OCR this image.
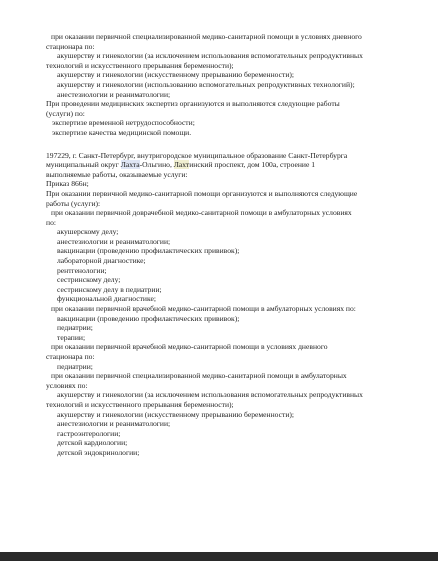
при оказании первичной специализированной медико-санитарной помощи в условиях дневного
стационара по:
акушерству и гинекологии (за исключением использования вспомогательных репродуктивных
технологий и искусственного прерывания беременности);
акушерству и гинекологии (искусственному прерыванию беременности);
акушерству и гинекологии (использованию вспомогательных репродуктивных технологий);
анестезиологии и реаниматологии;
При проведении медицинских экспертиз организуются и выполняются следующие работы
(услуги) по:
экспертизе временной нетрудоспособности;
экспертизе качества медицинской помощи.
197229, г. Санкт-Петербург, внутригородское муниципальное образование Санкт-Петербурга
муниципальный округ Лахта-Ольгино, Лахтинский проспект, дом 100а, строение 1
выполняемые работы, оказываемые услуги:
Приказ 866н;
При оказании первичной медико-санитарной помощи организуются и выполняются следующие
работы (услуги):
при оказании первичной доврачебной медико-санитарной помощи в амбулаторных условиях
по:
акушерскому делу;
анестезиологии и реаниматологии;
вакцинации (проведению профилактических прививок);
лабораторной диагностике;
рентгенологии;
сестринскому делу;
сестринскому делу в педиатрии;
функциональной диагностике;
при оказании первичной врачебной медико-санитарной помощи в амбулаторных условиях по:
вакцинации (проведению профилактических прививок);
педиатрии;
терапии;
при оказании первичной врачебной медико-санитарной помощи в условиях дневного
стационара по:
педиатрии;
при оказании первичной специализированной медико-санитарной помощи в амбулаторных
условиях по:
акушерству и гинекологии (за исключением использования вспомогательных репродуктивных
технологий и искусственного прерывания беременности);
акушерству и гинекологии (искусственному прерыванию беременности);
анестезиологии и реаниматологии;
гастроэнтерологии;
детской кардиологии;
детской эндокринологии;
